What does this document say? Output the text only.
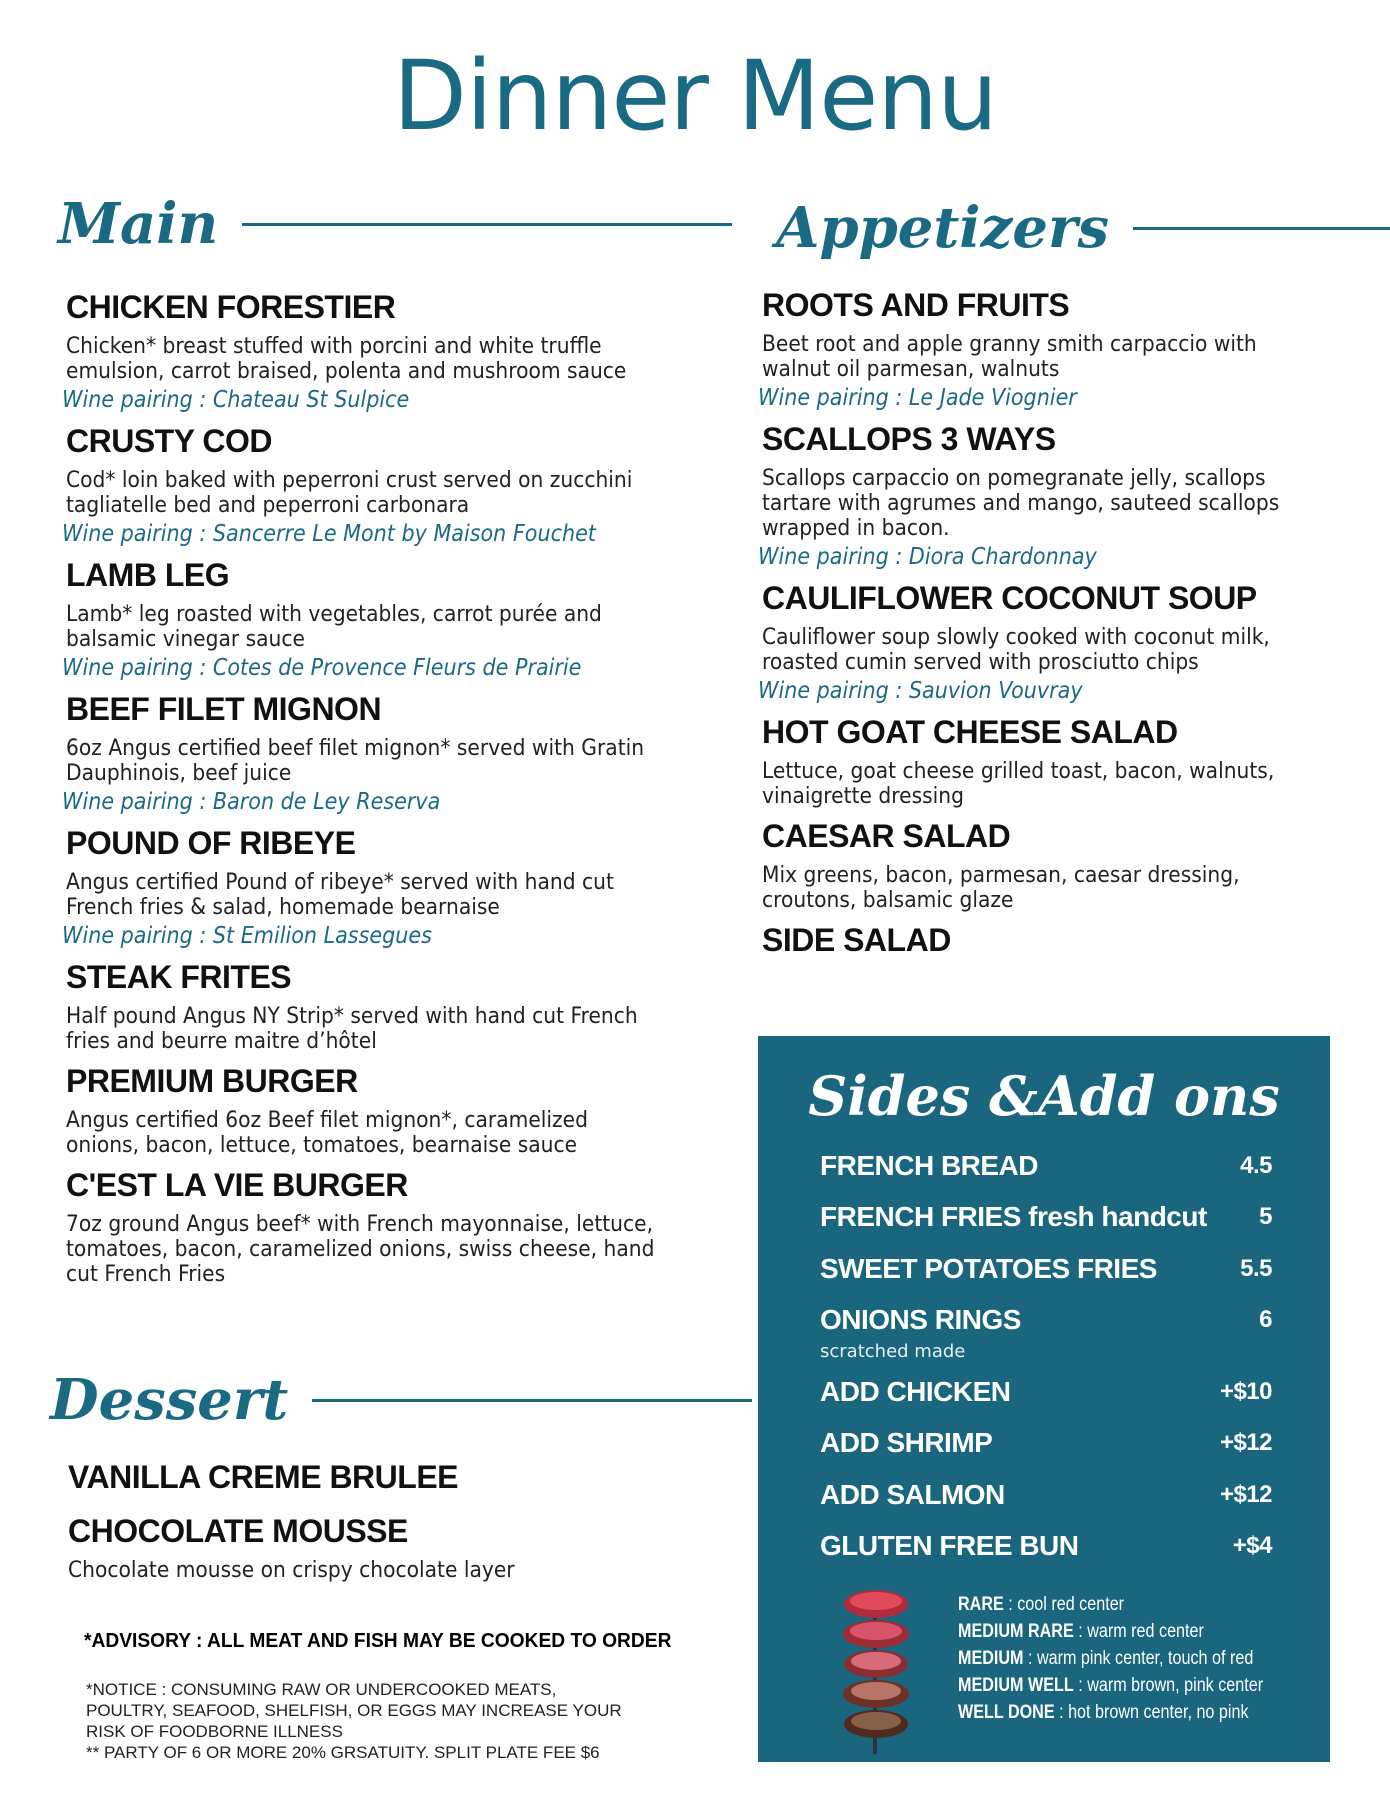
Dinner Menu
Main
CHICKEN FORESTIER
Chicken* breast stuffed with porcini and white truffle emulsion, carrot braised, polenta and mushroom sauce
Wine pairing : Chateau St Sulpice
CRUSTY COD
Cod* loin baked with peperroni crust served on zucchini tagliatelle bed and peperroni carbonara
Wine pairing : Sancerre Le Mont by Maison Fouchet
LAMB LEG
Lamb* leg roasted with vegetables, carrot purée and balsamic vinegar sauce
Wine pairing : Cotes de Provence Fleurs de Prairie
BEEF FILET MIGNON
6oz Angus certified beef filet mignon* served with Gratin Dauphinois, beef juice
Wine pairing : Baron de Ley Reserva
POUND OF RIBEYE
Angus certified Pound of ribeye* served with hand cut French fries & salad, homemade bearnaise
Wine pairing : St Emilion Lassegues
STEAK FRITES
Half pound Angus NY Strip* served with hand cut French fries and beurre maitre d’hôtel
PREMIUM BURGER
Angus certified 6oz Beef filet mignon*, caramelized onions, bacon, lettuce, tomatoes, bearnaise sauce
C'EST LA VIE BURGER
7oz ground Angus beef* with French mayonnaise, lettuce, tomatoes, bacon, caramelized onions, swiss cheese, hand cut French Fries
Appetizers
ROOTS AND FRUITS
Beet root and apple granny smith carpaccio with walnut oil parmesan, walnuts
Wine pairing : Le Jade Viognier
SCALLOPS 3 WAYS
Scallops carpaccio on pomegranate jelly, scallops tartare with agrumes and mango, sauteed scallops wrapped in bacon.
Wine pairing : Diora Chardonnay
CAULIFLOWER COCONUT SOUP
Cauliflower soup slowly cooked with coconut milk, roasted cumin served with prosciutto chips
Wine pairing : Sauvion Vouvray
HOT GOAT CHEESE SALAD
Lettuce, goat cheese grilled toast, bacon, walnuts, vinaigrette dressing
CAESAR SALAD
Mix greens, bacon, parmesan, caesar dressing, croutons, balsamic glaze
SIDE SALAD
Dessert
VANILLA CREME BRULEE
CHOCOLATE MOUSSE
Chocolate mousse on crispy chocolate layer
Sides &Add ons
FRENCH BREAD	4.5
FRENCH FRIES fresh handcut 5
SWEET POTATOES FRIES	5.5
ONIONS RINGS	6
scratched made
ADD CHICKEN	+$10
ADD SHRIMP	+$12
ADD SALMON	+$12
GLUTEN FREE BUN	+$4
RARE : cool red center
MEDIUM RARE : warm red center
MEDIUM : warm pink center, touch of red
MEDIUM WELL : warm brown, pink center
WELL DONE : hot brown center, no pink
*ADVISORY : ALL MEAT AND FISH MAY BE COOKED TO ORDER
*NOTICE : CONSUMING RAW OR UNDERCOOKED MEATS,
POULTRY, SEAFOOD, SHELFISH, OR EGGS MAY INCREASE YOUR
RISK OF FOODBORNE ILLNESS
** PARTY OF 6 OR MORE 20% GRSATUITY. SPLIT PLATE FEE $6
